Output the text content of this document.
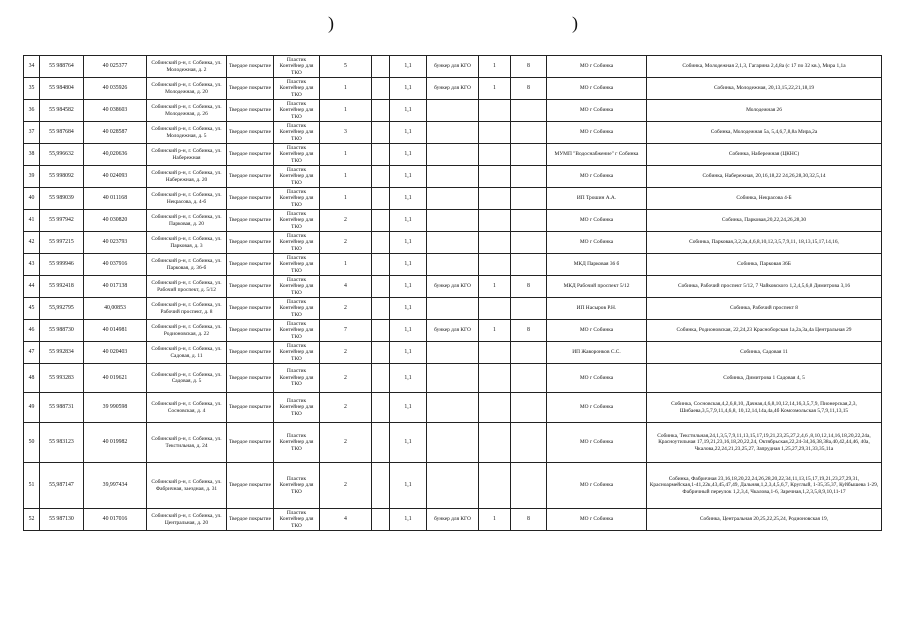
)	)
34	55 988764	40 025377	Собинский р-н, г. Собинка, ул. Молодежная, д. 2	Твердое покрытие	Пластик Контейнер для ТКО	5		1,1	бункер для КГО	1	8	МО г Собинка	Собинка, Молодежная 2,1,3, Гагарина 2,4,8а (с 17 по 32 кв.), Мира 1,1а
35	55 984804	40 035926	Собинский р-н, г. Собинка, ул. Молодежная, д. 20	Твердое покрытие	Пластик Контейнер для ТКО	1		1,1	бункер для КГО	1	8	МО г Собинка	Собинка, Молодежная, 20,13,15,22,21,18,19
36	55 984582	40 038603	Собинский р-н, г. Собинка, ул. Молодежная, д. 26	Твердое покрытие	Пластик Контейнер для ТКО	1		1,1				МО г Собинка	Молодежная 26
37	55 987684	40 028587	Собинский р-н, г. Собинка, ул. Молодежная, д. 5	Твердое покрытие	Пластик Контейнер для ТКО	3		1,1				МО г Собинка	Собинка, Молодежная 5а, 5,4,6,7,8,8а Мира,2а
38	55,996632	40,020636	Собинский р-н, г. Собинка, ул. Набережная	Твердое покрытие	Пластик Контейнер для ТКО	1		1,1				МУМП "Водоснабжение" г Собинка	Собинка, Набережная (ЦКНС)
39	55 998092	40 024093	Собинский р-н, г. Собинка, ул. Набережная, д. 20	Твердое покрытие	Пластик Контейнер для ТКО	1		1,1				МО г Собинка	Собинка, Набережная, 20,16,18,22 24,26,28,30,32,5,14
40	55 989039	40 011168	Собинский р-н, г. Собинка, ул. Некрасова, д. 4-б	Твердое покрытие	Пластик Контейнер для ТКО	1		1,1				ИП Трошин А.А.	Собинка, Некрасова 4-Б
41	55 997942	40 030820	Собинский р-н, г. Собинка, ул. Парковая, д. 20	Твердое покрытие	Пластик Контейнер для ТКО	2		1,1				МО г Собинка	Собинка, Парковая,20,22,24,26,28,30
42	55 997215	40 023793	Собинский р-н, г. Собинка, ул. Парковая, д. 3	Твердое покрытие	Пластик Контейнер для ТКО	2		1,1				МО г Собинка	Собинка, Парковая,3,2,2а,4,6,8,10,12,3,5,7,9,11, 18,13,15,17,14,16,
43	55 999946	40 037916	Собинский р-н, г. Собинка, ул. Парковая, д. 36-б	Твердое покрытие	Пластик Контейнер для ТКО	1		1,1				МКД Парковая 36 б	Собинка, Парковая 36Б
44	55 992418	40 017138	Собинский р-н, г. Собинка, ул. Рабочий проспект, д. 5/12	Твердое покрытие	Пластик Контейнер для ТКО	4		1,1	бункер для КГО	1	8	МКД Рабочий проспект 5/12	Собинка, Рабочий проспект 5/12, 7 Чайковского 1,2,4,5,6,8 Димитрова 3,16
45	55,992795	40,00853	Собинский р-н, г. Собинка, ул. Рабочий проспект, д. 8	Твердое покрытие	Пластик Контейнер для ТКО	2		1,1				ИП Насыров Р.Н.	Собинка, Рабочий проспект 8
46	55 988730	40 014981	Собинский р-н, г. Собинка, ул. Родионовская, д. 22	Твердое покрытие	Пластик Контейнер для ТКО	7		1,1	бункер для КГО	1	8	МО г Собинка	Собинка, Родионовская, 22,24,23 Красноборская 1а,2а,3а,4а Центральная 29
47	55 992834	40 020403	Собинский р-н, г. Собинка, ул. Садовая, д. 11	Твердое покрытие	Пластик Контейнер для ТКО	2		1,1				ИП Жаворонков С.С.	Собинка, Садовая 11
48	55 993283	40 019621	Собинский р-н, г. Собинка, ул. Садовая, д. 5	Твердое покрытие	Пластик Контейнер для ТКО	2		1,1				МО г Собинка	Собинка, Димитрова 1 Садовая 4, 5
49	55 988731	39 990598	Собинский р-н, г. Собинка, ул. Сосновская, д. 4	Твердое покрытие	Пластик Контейнер для ТКО	2		1,1				МО г Собинка	Собинка, Сосновская,4,2,6,8,10, Дачная,4,6,8,10,12,14,16,3,5,7,9, Пионерская,2,3, Шибаева,3,5,7,9,11,4,6,8, 10,12,14,14а,4а,4б Комсомольская 5,7,9,11,13,15
50	55 983123	40 019982	Собинский р-н, г. Собинка, ул. Текстильная, д. 24	Твердое покрытие	Пластик Контейнер для ТКО	2		1,1				МО г Собинка	Собинка, Текстильная,24,1,3,5,7,9,11,13,15,17,19,21,23,25,27,2,4,6 ,8,10,12,14,16,18,20,22,24а, Красноутильная 17,19,21,23,16,18,20,22,24, Октябрьская,22,24-34,36,38,38а,40,42,44,46, 40а, Чкалова,22,24,21,23,25,27, Запрудная 1,25,27,29,31,33,35,11а
51	55,987147	39,997434	Собинский р-н, г. Собинка, ул. Фабричная, заездная, д. 31	Твердое покрытие	Пластик Контейнер для ТКО	2		1,1				МО г Собинка	Собинка, Фабричная 23,16,18,20,22,24,26,28,20,22,34,11,13,15,17,19,21,23,27,29,31, Красноармейская,1-41,22к,43,45,47,49, Дальняя,1,2,3,4,5,6,7, Круглый, 1-35,35,37, Куйбышева 1-29, Фабричный переулок 1,2,3,4, Чкалова,1-6, Заречная,1,2,3,5,8,9,10,11-17
52	55 987130	40 017016	Собинский р-н, г. Собинка, ул. Центральная, д. 20	Твердое покрытие	Пластик Контейнер для ТКО	4		1,1	бункер для КГО	1	8	МО г Собинка	Собинка, Центральная 20,25,22,25,24, Родионовская 19,
